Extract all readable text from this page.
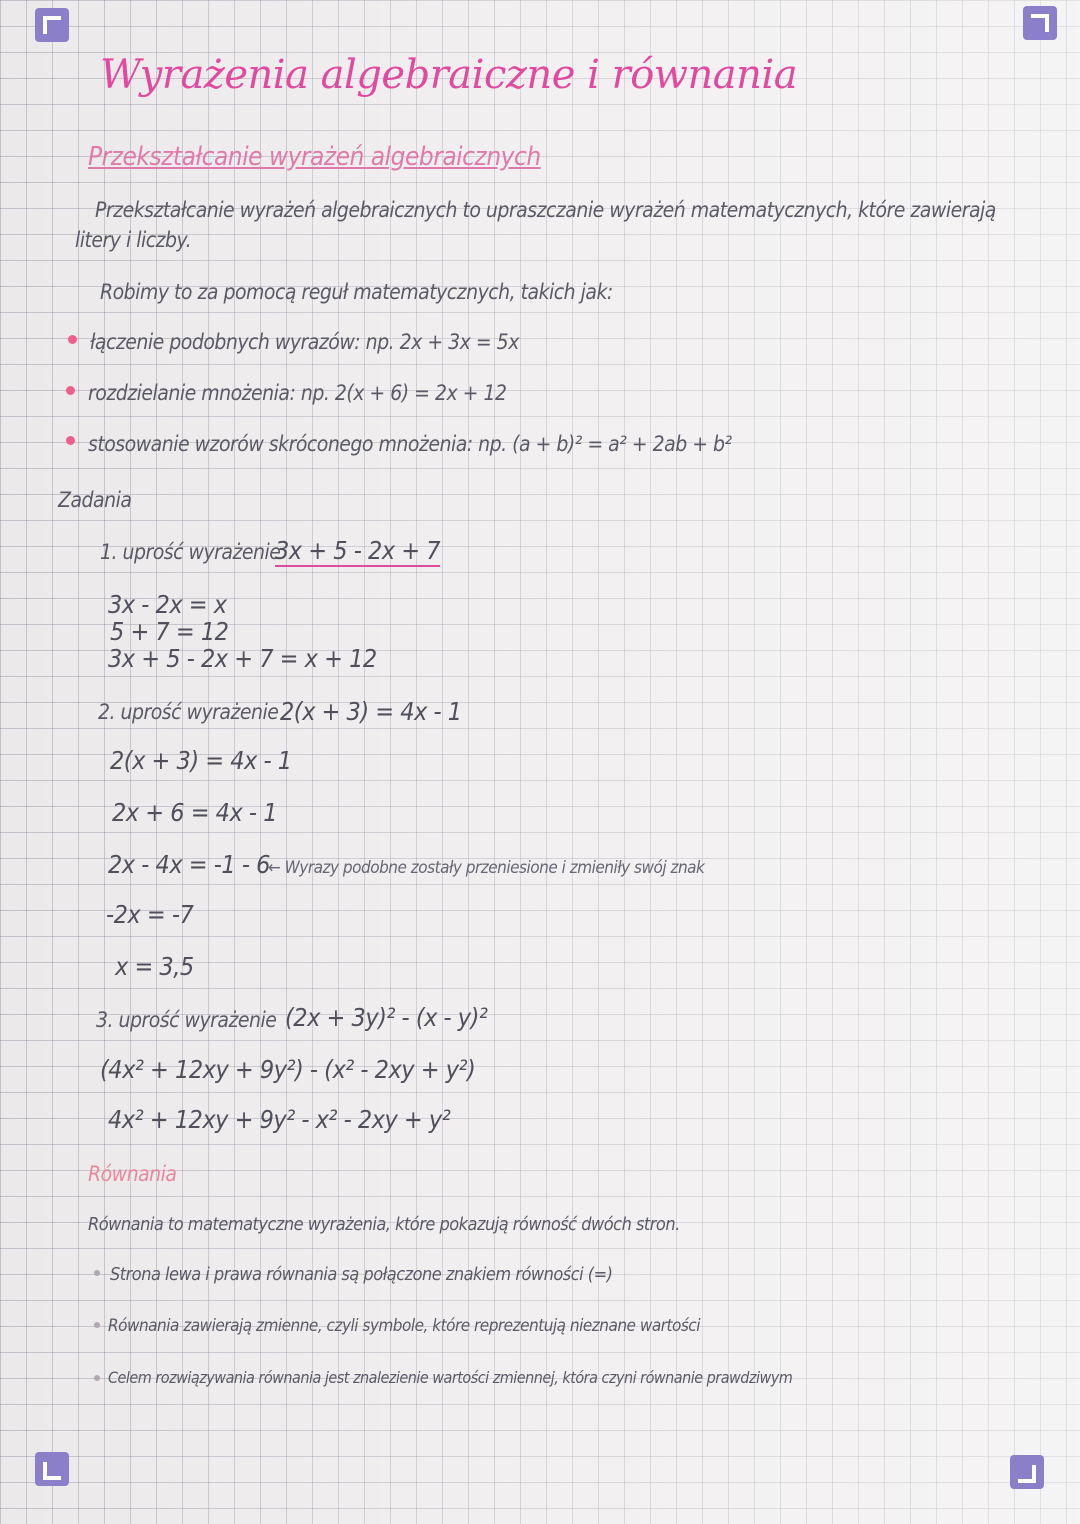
Wyrażenia algebraiczne i równania
Przekształcanie wyrażeń algebraicznych
Przekształcanie wyrażeń algebraicznych to upraszczanie wyrażeń matematycznych, które zawierają
litery i liczby.
Robimy to za pomocą reguł matematycznych, takich jak:
łączenie podobnych wyrazów: np. 2x + 3x = 5x
rozdzielanie mnożenia: np. 2(x + 6) = 2x + 12
stosowanie wzorów skróconego mnożenia: np. (a + b)² = a² + 2ab + b²
Zadania
1. uprość wyrażenie
3x + 5 - 2x + 7
3x - 2x = x
5 + 7 = 12
3x + 5 - 2x + 7 = x + 12
2. uprość wyrażenie 2(x + 3) = 4x - 1
2(x + 3) = 4x - 1
2x + 6 = 4x - 1
2x - 4x = -1 - 6
← Wyrazy podobne zostały przeniesione i zmieniły swój znak
-2x = -7
x = 3,5
3. uprość wyrażenie (2x + 3y)² - (x - y)²
(4x² + 12xy + 9y²) - (x² - 2xy + y²)
4x² + 12xy + 9y² - x² - 2xy + y²
Równania
Równania to matematyczne wyrażenia, które pokazują równość dwóch stron.
Strona lewa i prawa równania są połączone znakiem równości (=)
Równania zawierają zmienne, czyli symbole, które reprezentują nieznane wartości
Celem rozwiązywania równania jest znalezienie wartości zmiennej, która czyni równanie prawdziwym
